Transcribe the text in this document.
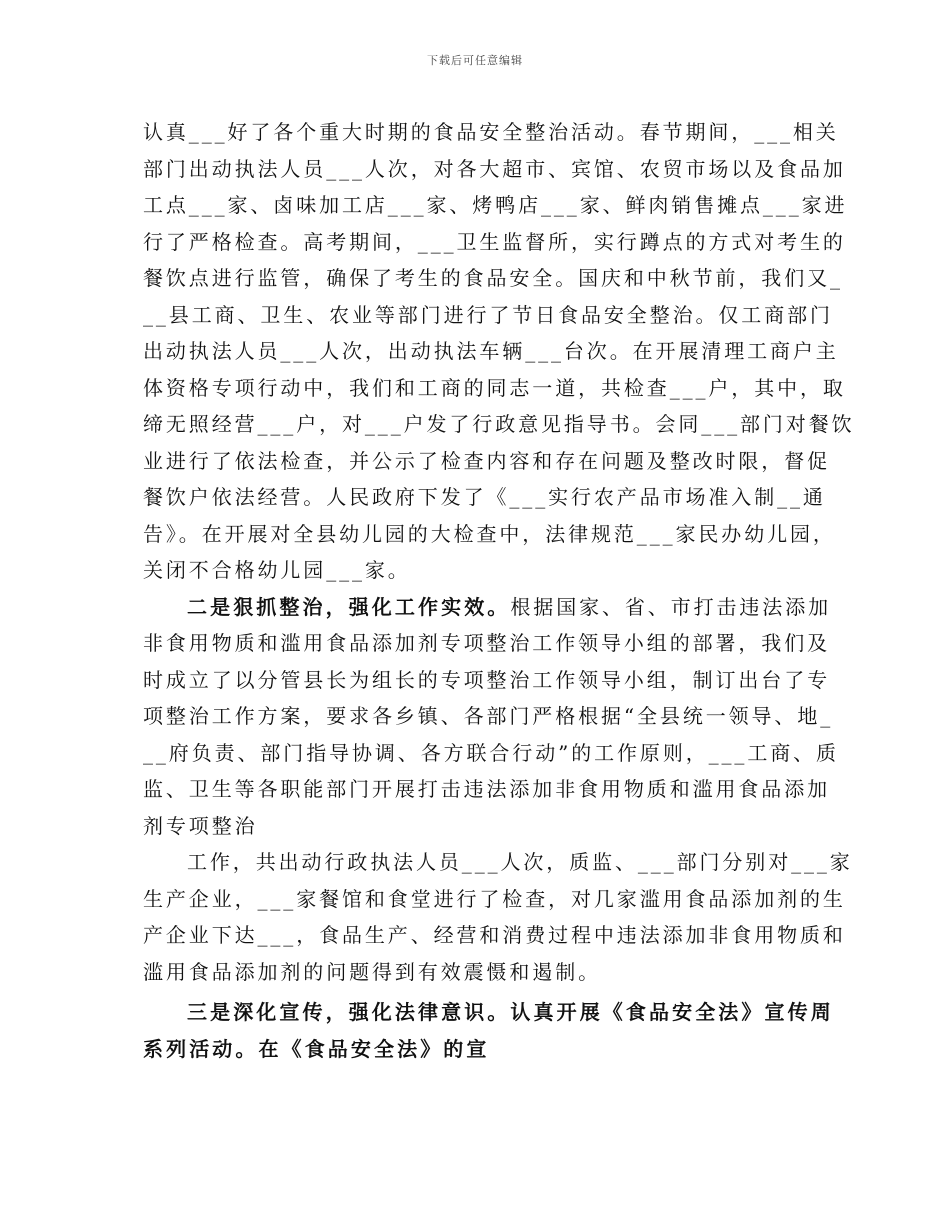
下载后可任意编辑
认真___好了各个重大时期的食品安全整治活动。春节期间，___相关
部门出动执法人员___人次，对各大超市、宾馆、农贸市场以及食品加
工点___家、卤味加工店___家、烤鸭店___家、鲜肉销售摊点___家进
行了严格检查。高考期间，___卫生监督所，实行蹲点的方式对考生的
餐饮点进行监管，确保了考生的食品安全。国庆和中秋节前，我们又_
__县工商、卫生、农业等部门进行了节日食品安全整治。仅工商部门
出动执法人员___人次，出动执法车辆___台次。在开展清理工商户主
体资格专项行动中，我们和工商的同志一道，共检查___户，其中，取
缔无照经营___户，对___户发了行政意见指导书。会同___部门对餐饮
业进行了依法检查，并公示了检查内容和存在问题及整改时限，督促
餐饮户依法经营。人民政府下发了《___实行农产品市场准入制__通
告》。在开展对全县幼儿园的大检查中，法律规范___家民办幼儿园，
关闭不合格幼儿园___家。
二是狠抓整治，强化工作实效。根据国家、省、市打击违法添加
非食用物质和滥用食品添加剂专项整治工作领导小组的部署，我们及
时成立了以分管县长为组长的专项整治工作领导小组，制订出台了专
项整治工作方案，要求各乡镇、各部门严格根据“全县统一领导、地_
__府负责、部门指导协调、各方联合行动”的工作原则，___工商、质
监、卫生等各职能部门开展打击违法添加非食用物质和滥用食品添加
剂专项整治
工作，共出动行政执法人员___人次，质监、___部门分别对___家
生产企业，___家餐馆和食堂进行了检查，对几家滥用食品添加剂的生
产企业下达___，食品生产、经营和消费过程中违法添加非食用物质和
滥用食品添加剂的问题得到有效震慑和遏制。
三是深化宣传，强化法律意识。认真开展《食品安全法》宣传周
系列活动。在《食品安全法》的宣
